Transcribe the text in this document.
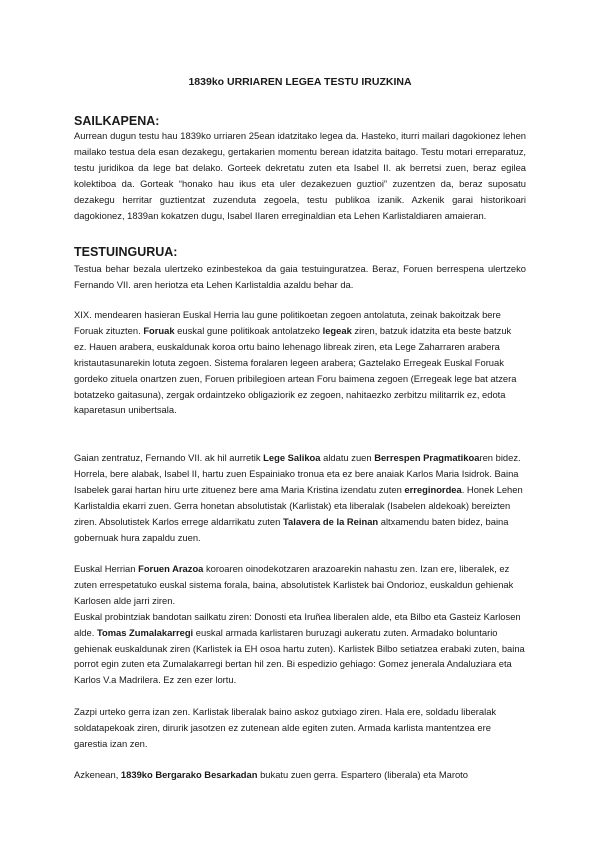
1839ko URRIAREN LEGEA TESTU IRUZKINA
SAILKAPENA:

Aurrean dugun testu hau 1839ko urriaren 25ean idatzitako legea da. Hasteko, iturri mailari dagokionez lehen mailako testua dela esan dezakegu, gertakarien momentu berean idatzita baitago. Testu motari erreparatuz, testu juridikoa da lege bat delako. Gorteek dekretatu zuten eta Isabel II. ak berretsi zuen, beraz egilea kolektiboa da. Gorteak “honako hau ikus eta uler dezakezuen guztioi” zuzentzen da, beraz suposatu dezakegu herritar guztientzat zuzenduta zegoela, testu publikoa izanik. Azkenik garai historikoari dagokionez, 1839an kokatzen dugu, Isabel IIaren erreginaldian eta Lehen Karlistaldiaren amaieran.

TESTUINGURUA:

Testua behar bezala ulertzeko ezinbestekoa da gaia testuinguratzea. Beraz, Foruen berrespena ulertzeko Fernando VII. aren heriotza eta Lehen Karlistaldia azaldu behar da.

XIX. mendearen hasieran Euskal Herria lau gune politikoetan zegoen antolatuta, zeinak bakoitzak bere Foruak zituzten. Foruak euskal gune politikoak antolatzeko legeak ziren, batzuk idatzita eta beste batzuk ez. Hauen arabera, euskaldunak koroa ortu baino lehenago libreak ziren, eta Lege Zaharraren arabera kristautasunarekin lotuta zegoen. Sistema foralaren legeen arabera; Gaztelako Erregeak Euskal Foruak gordeko zituela onartzen zuen, Foruen pribilegioen artean Foru baimena zegoen (Erregeak lege bat atzera botatzeko gaitasuna), zergak ordaintzeko obligaziorik ez zegoen, nahitaezko zerbitzu militarrik ez, edota kaparetasun unibertsala.

Gaian zentratuz, Fernando VII. ak hil aurretik Lege Salikoa aldatu zuen Berrespen Pragmatikoaren bidez. Horrela, bere alabak, Isabel II, hartu zuen Espainiako tronua eta ez bere anaiak Karlos Maria Isidrok. Baina Isabelek garai hartan hiru urte zituenez bere ama Maria Kristina izendatu zuten erreginordea. Honek Lehen Karlistaldia ekarri zuen. Gerra honetan absolutistak (Karlistak) eta liberalak (Isabelen aldekoak) bereizten ziren. Absolutistek Karlos errege aldarrikatu zuten Talavera de la Reinan altxamendu baten bidez, baina gobernuak hura zapaldu zuen.

Euskal Herrian Foruen Arazoa koroaren oinodekotzaren arazoarekin nahastu zen. Izan ere, liberalek, ez zuten errespetatuko euskal sistema forala, baina, absolutistek Karlistek bai Ondorioz, euskaldun gehienak Karlosen alde jarri ziren.
Euskal probintziak bandotan sailkatu ziren: Donosti eta Iruñea liberalen alde, eta Bilbo eta Gasteiz Karlosen alde. Tomas Zumalakarregi euskal armada karlistaren buruzagi aukeratu zuten. Armadako boluntario gehienak euskaldunak ziren (Karlistek ia EH osoa hartu zuten). Karlistek Bilbo setiatzea erabaki zuten, baina porrot egin zuten eta Zumalakarregi bertan hil zen. Bi espedizio gehiago: Gomez jenerala Andaluziara eta Karlos V.a Madrilera. Ez zen ezer lortu.

Zazpi urteko gerra izan zen. Karlistak liberalak baino askoz gutxiago ziren. Hala ere, soldadu liberalak soldatapekoak ziren, dirurik jasotzen ez zutenean alde egiten zuten. Armada karlista mantentzea ere garestia izan zen.

Azkenean, 1839ko Bergarako Besarkadan bukatu zuen gerra. Espartero (liberala) eta Maroto
